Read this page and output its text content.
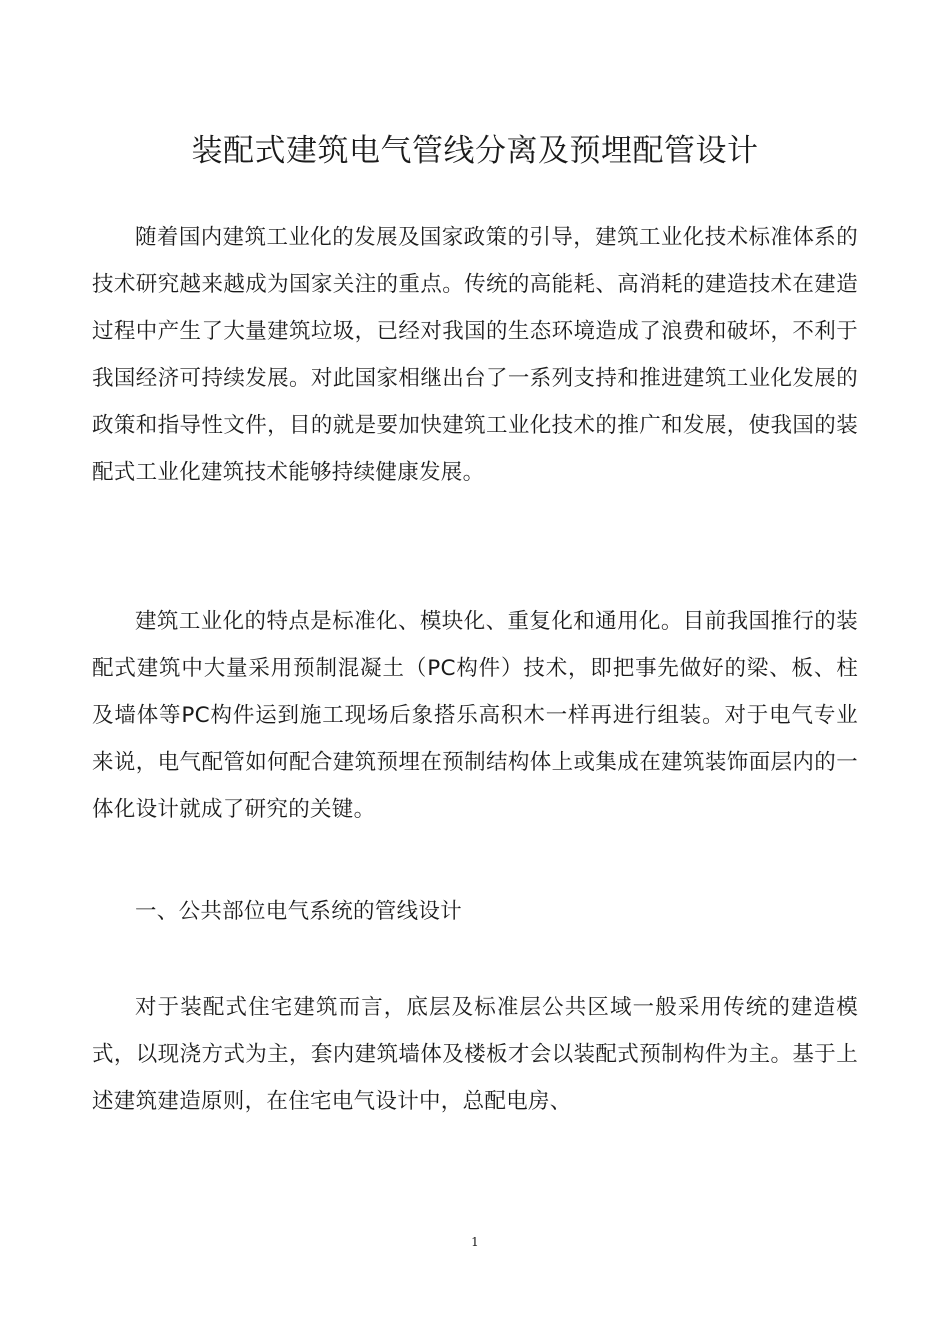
装配式建筑电气管线分离及预埋配管设计

随着国内建筑工业化的发展及国家政策的引导，建筑工业化技术标准体系的技术研究越来越成为国家关注的重点。传统的高能耗、高消耗的建造技术在建造过程中产生了大量建筑垃圾，已经对我国的生态环境造成了浪费和破坏，不利于我国经济可持续发展。对此国家相继出台了一系列支持和推进建筑工业化发展的政策和指导性文件，目的就是要加快建筑工业化技术的推广和发展，使我国的装配式工业化建筑技术能够持续健康发展。

建筑工业化的特点是标准化、模块化、重复化和通用化。目前我国推行的装配式建筑中大量采用预制混凝土（PC构件）技术，即把事先做好的梁、板、柱及墙体等PC构件运到施工现场后象搭乐高积木一样再进行组装。对于电气专业来说，电气配管如何配合建筑预埋在预制结构体上或集成在建筑装饰面层内的一体化设计就成了研究的关键。

一、公共部位电气系统的管线设计

对于装配式住宅建筑而言，底层及标准层公共区域一般采用传统的建造模式，以现浇方式为主，套内建筑墙体及楼板才会以装配式预制构件为主。基于上述建筑建造原则，在住宅电气设计中，总配电房、

1
